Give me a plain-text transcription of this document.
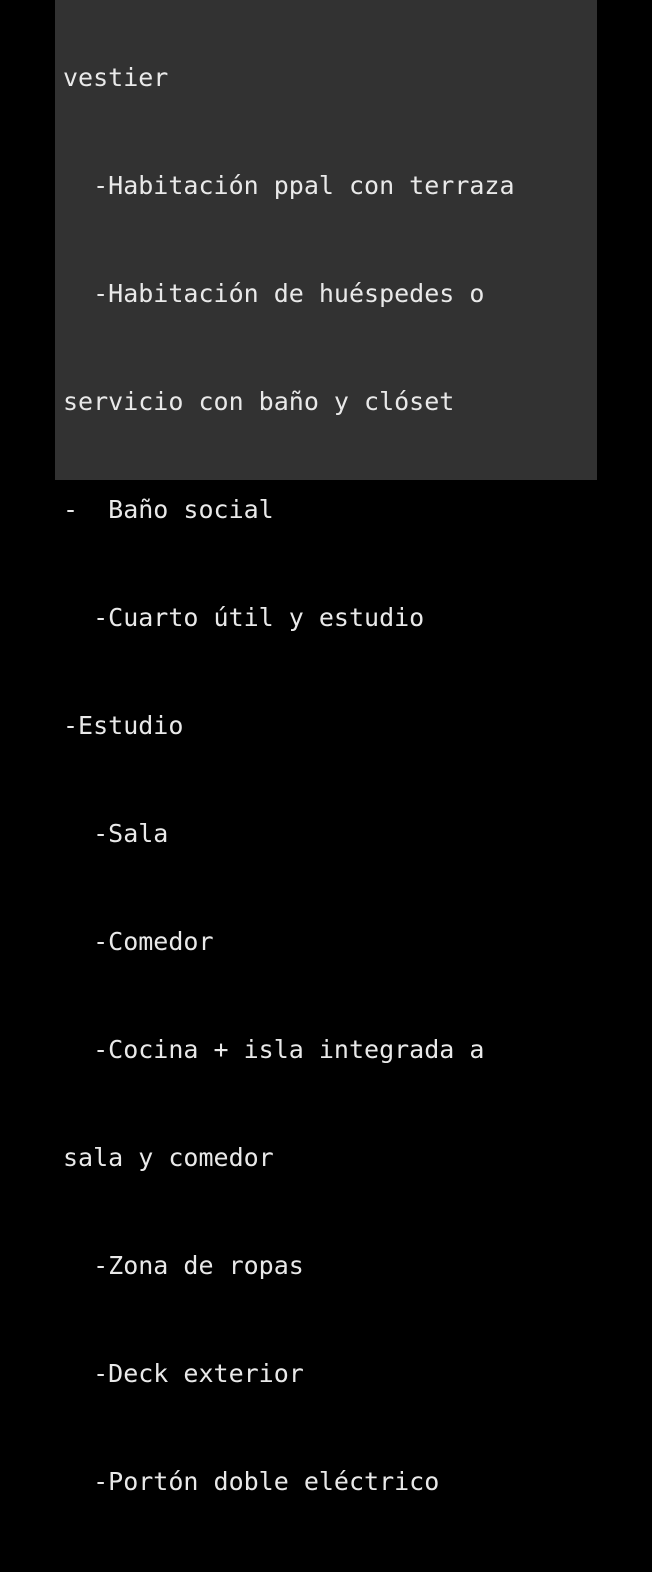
vestier

-Habitación ppal con terraza

-Habitación de huéspedes o

servicio con baño y clóset

-  Baño social

-Cuarto útil y estudio

-Estudio

-Sala

-Comedor

-Cocina + isla integrada a

sala y comedor

-Zona de ropas

-Deck exterior

-Portón doble eléctrico
